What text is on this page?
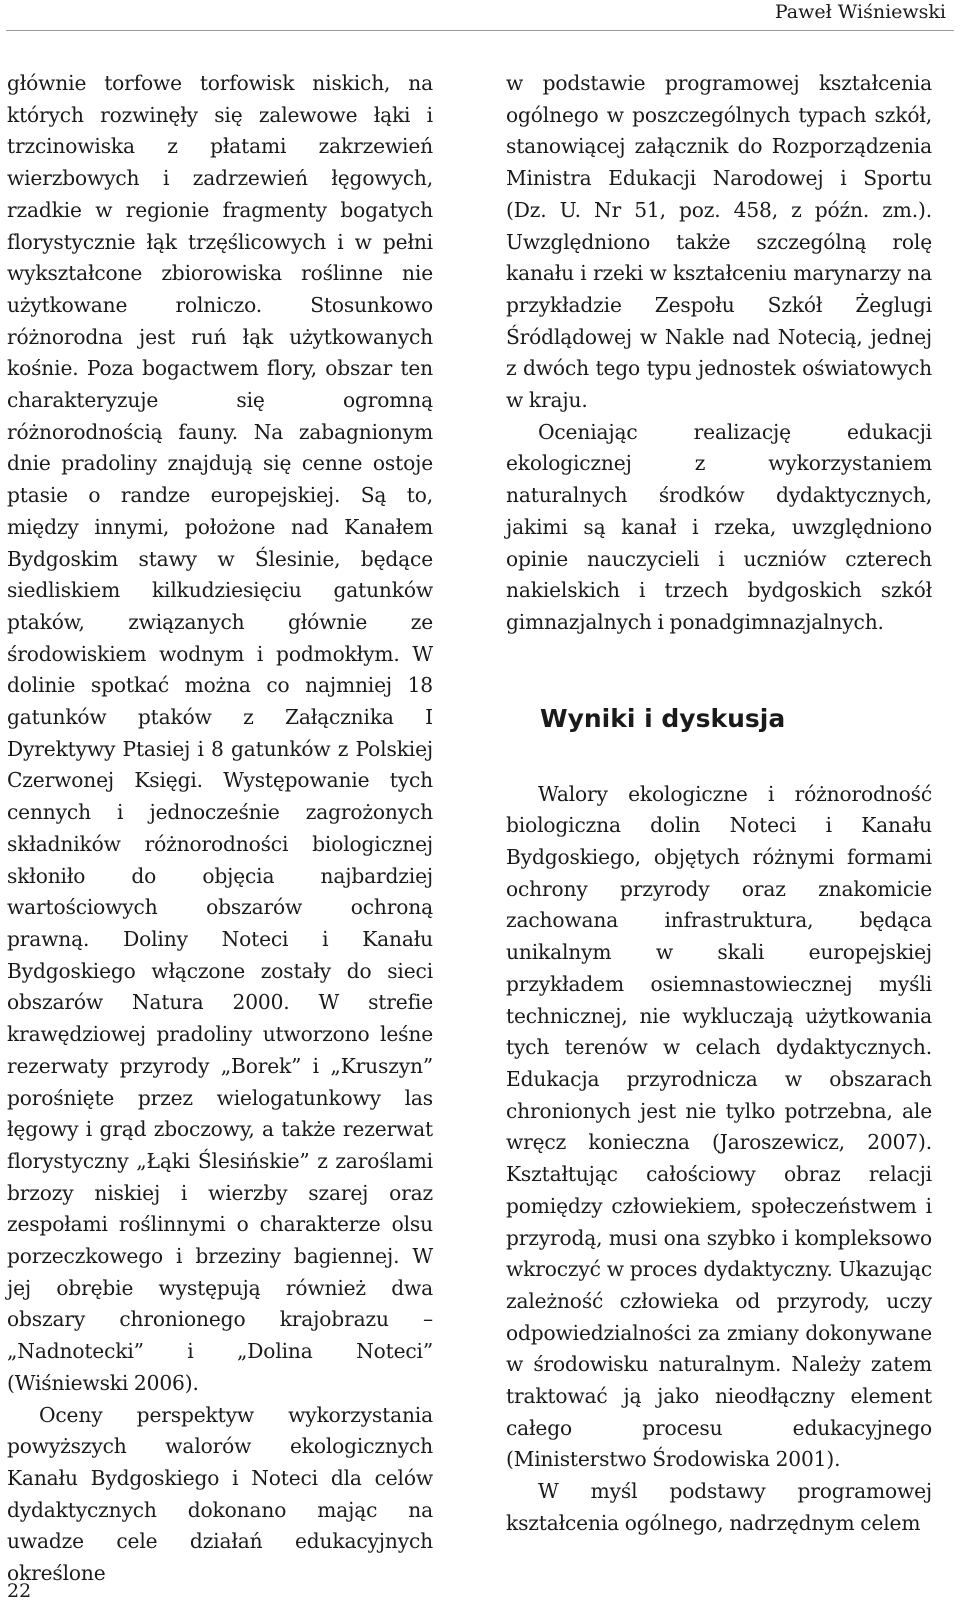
Paweł Wiśniewski

głównie torfowe torfowisk niskich, na których rozwinęły się zalewowe łąki i trzcinowiska z płatami zakrzewień wierzbowych i zadrzewień łęgowych, rzadkie w regionie fragmenty bogatych florystycznie łąk trzęślicowych i w pełni wykształcone zbiorowiska roślinne nie użytkowane rolniczo. Stosunkowo różnorodna jest ruń łąk użytkowanych kośnie. Poza bogactwem flory, obszar ten charakteryzuje się ogromną różnorodnością fauny. Na zabagnionym dnie pradoliny znajdują się cenne ostoje ptasie o randze europejskiej. Są to, między innymi, położone nad Kanałem Bydgoskim stawy w Ślesinie, będące siedliskiem kilkudziesięciu gatunków ptaków, związanych głównie ze środowiskiem wodnym i podmokłym. W dolinie spotkać można co najmniej 18 gatunków ptaków z Załącznika I Dyrektywy Ptasiej i 8 gatunków z Polskiej Czerwonej Księgi. Występowanie tych cennych i jednocześnie zagrożonych składników różnorodności biologicznej skłoniło do objęcia najbardziej wartościowych obszarów ochroną prawną. Doliny Noteci i Kanału Bydgoskiego włączone zostały do sieci obszarów Natura 2000. W strefie krawędziowej pradoliny utworzono leśne rezerwaty przyrody „Borek” i „Kruszyn” porośnięte przez wielogatunkowy las łęgowy i grąd zboczowy, a także rezerwat florystyczny „Łąki Ślesińskie” z zaroślami brzozy niskiej i wierzby szarej oraz zespołami roślinnymi o charakterze olsu porzeczkowego i brzeziny bagiennej. W jej obrębie występują również dwa obszary chronionego krajobrazu – „Nadnotecki” i „Dolina Noteci” (Wiśniewski 2006).

Oceny perspektyw wykorzystania powyższych walorów ekologicznych Kanału Bydgoskiego i Noteci dla celów dydaktycznych dokonano mając na uwadze cele działań edukacyjnych określone

w podstawie programowej kształcenia ogólnego w poszczególnych typach szkół, stanowiącej załącznik do Rozporządzenia Ministra Edukacji Narodowej i Sportu (Dz. U. Nr 51, poz. 458, z późn. zm.). Uwzględniono także szczególną rolę kanału i rzeki w kształceniu marynarzy na przykładzie Zespołu Szkół Żeglugi Śródlądowej w Nakle nad Notecią, jednej z dwóch tego typu jednostek oświatowych w kraju.

Oceniając realizację edukacji ekologicznej z wykorzystaniem naturalnych środków dydaktycznych, jakimi są kanał i rzeka, uwzględniono opinie nauczycieli i uczniów czterech nakielskich i trzech bydgoskich szkół gimnazjalnych i ponadgimnazjalnych.

Wyniki i dyskusja

Walory ekologiczne i różnorodność biologiczna dolin Noteci i Kanału Bydgoskiego, objętych różnymi formami ochrony przyrody oraz znakomicie zachowana infrastruktura, będąca unikalnym w skali europejskiej przykładem osiemnastowiecznej myśli technicznej, nie wykluczają użytkowania tych terenów w celach dydaktycznych. Edukacja przyrodnicza w obszarach chronionych jest nie tylko potrzebna, ale wręcz konieczna (Jaroszewicz, 2007). Kształtując całościowy obraz relacji pomiędzy człowiekiem, społeczeństwem i przyrodą, musi ona szybko i kompleksowo wkroczyć w proces dydaktyczny. Ukazując zależność człowieka od przyrody, uczy odpowiedzialności za zmiany dokonywane w środowisku naturalnym. Należy zatem traktować ją jako nieodłączny element całego procesu edukacyjnego (Ministerstwo Środowiska 2001).

W myśl podstawy programowej kształcenia ogólnego, nadrzędnym celem

22
